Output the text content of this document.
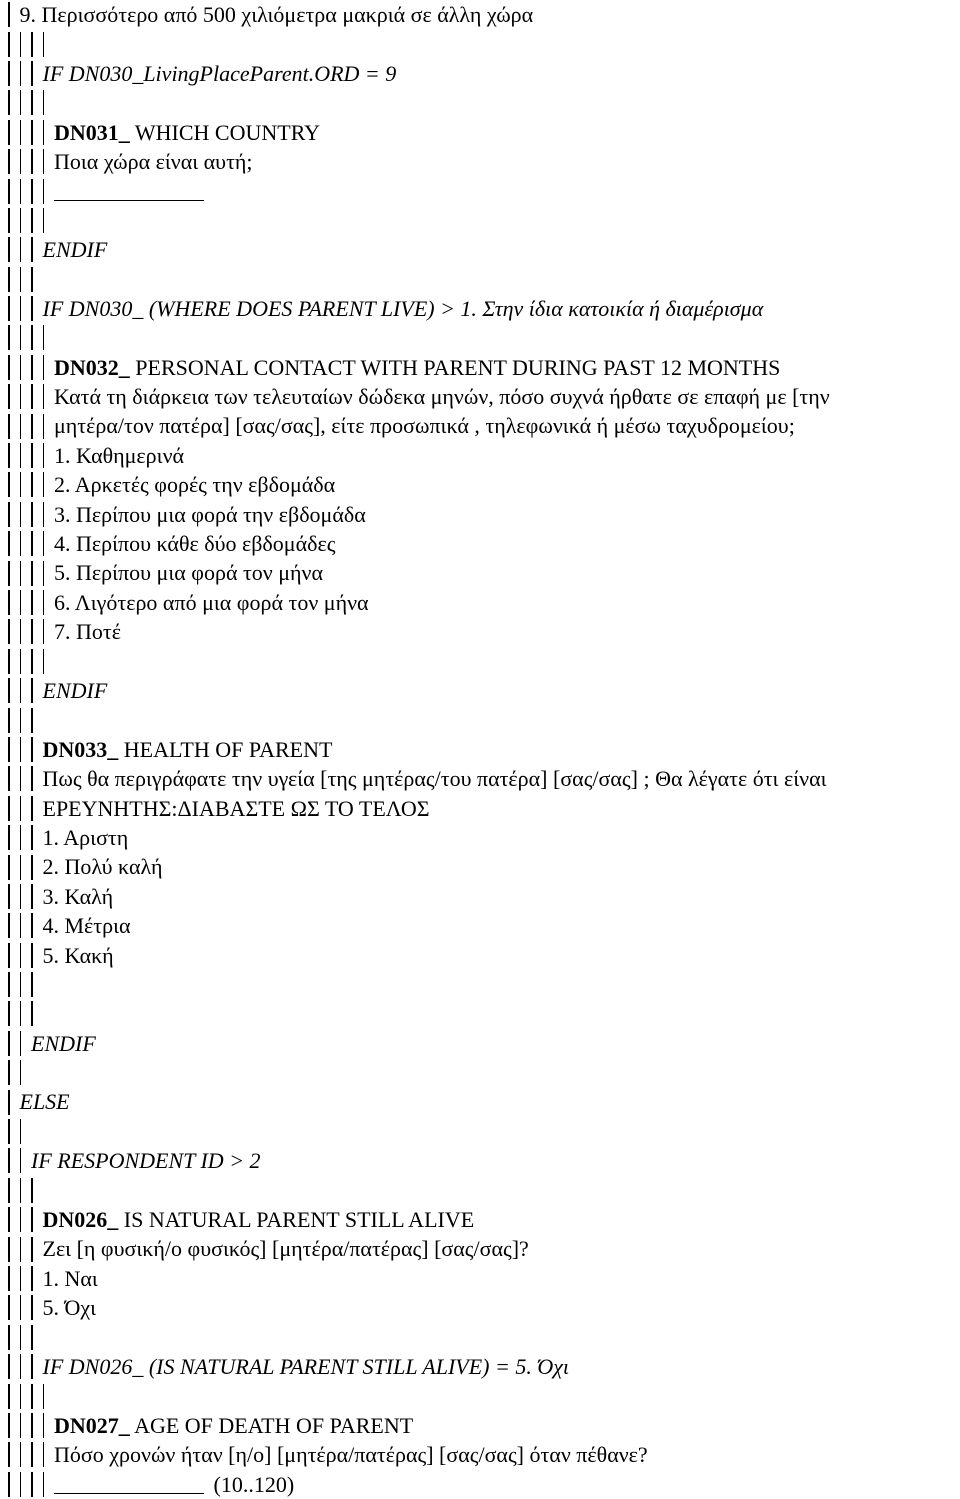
9. Περισσότερο από 500 χιλιόμετρα μακριά σε άλλη χώρα
IF DN030_LivingPlaceParent.ORD = 9
DN031_ WHICH COUNTRY
Ποια χώρα είναι αυτή;
ENDIF
IF DN030_ (WHERE DOES PARENT LIVE) > 1. Στην ίδια κατοικία ή διαμέρισμα
DN032_ PERSONAL CONTACT WITH PARENT DURING PAST 12 MONTHS
Κατά τη διάρκεια των τελευταίων δώδεκα μηνών, πόσο συχνά ήρθατε σε επαφή με [την
μητέρα/τον πατέρα] [σας/σας], είτε προσωπικά , τηλεφωνικά ή μέσω ταχυδρομείου;
1. Καθημερινά
2. Αρκετές φορές την εβδομάδα
3. Περίπου μια φορά την εβδομάδα
4. Περίπου κάθε δύο εβδομάδες
5. Περίπου μια φορά τον μήνα
6. Λιγότερο από μια φορά τον μήνα
7. Ποτέ
ENDIF
DN033_ HEALTH OF PARENT
Πως θα περιγράφατε την υγεία [της μητέρας/του πατέρα] [σας/σας] ; Θα λέγατε ότι είναι
ΕΡΕΥΝΗΤΗΣ:ΔΙΑΒΑΣΤΕ ΩΣ ΤΟ ΤΕΛΟΣ
1. Αριστη
2. Πολύ καλή
3. Καλή
4. Μέτρια
5. Κακή
ENDIF
ELSE
IF RESPONDENT ID > 2
DN026_ IS NATURAL PARENT STILL ALIVE
Ζει [η φυσική/ο φυσικός] [μητέρα/πατέρας] [σας/σας]?
1. Ναι
5. Όχι
IF DN026_ (IS NATURAL PARENT STILL ALIVE) = 5. Όχι
DN027_ AGE OF DEATH OF PARENT
Πόσο χρονών ήταν [η/ο] [μητέρα/πατέρας] [σας/σας] όταν πέθανε?
(10..120)
